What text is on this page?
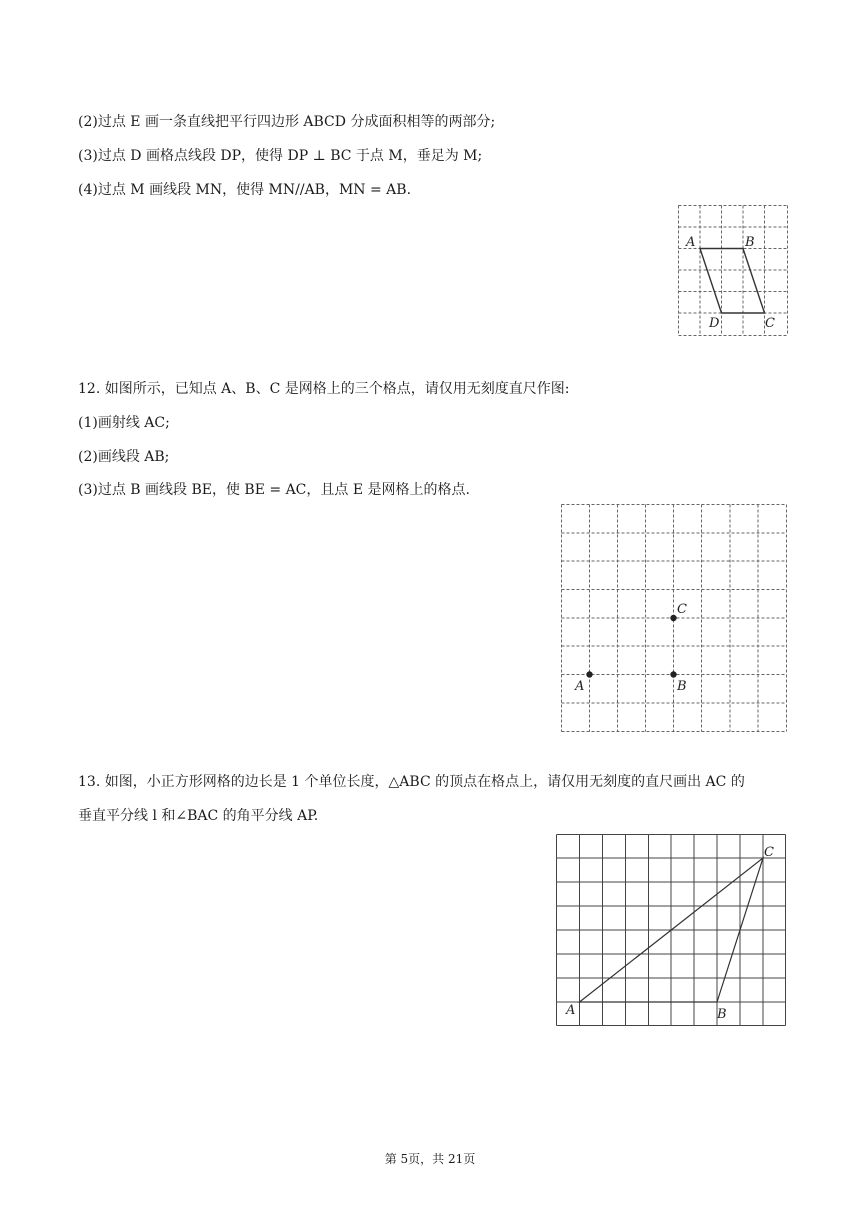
(2)过点 E 画一条直线把平行四边形 ABCD 分成面积相等的两部分;
(3)过点 D 画格点线段 DP，使得 DP ⊥ BC 于点 M，垂足为 M;
(4)过点 M 画线段 MN，使得 MN//AB，MN = AB.
A	B
C
D
12. 如图所示，已知点 A、B、C 是网格上的三个格点，请仅用无刻度直尺作图:
(1)画射线 AC;
(2)画线段 AB;
(3)过点 B 画线段 BE，使 BE = AC，且点 E 是网格上的格点.
A	B
C
13. 如图，小正方形网格的边长是 1 个单位长度，△ABC 的顶点在格点上，请仅用无刻度的直尺画出 AC 的
垂直平分线 l 和∠BAC 的角平分线 AP.
A	B
C
第 5页，共 21页
